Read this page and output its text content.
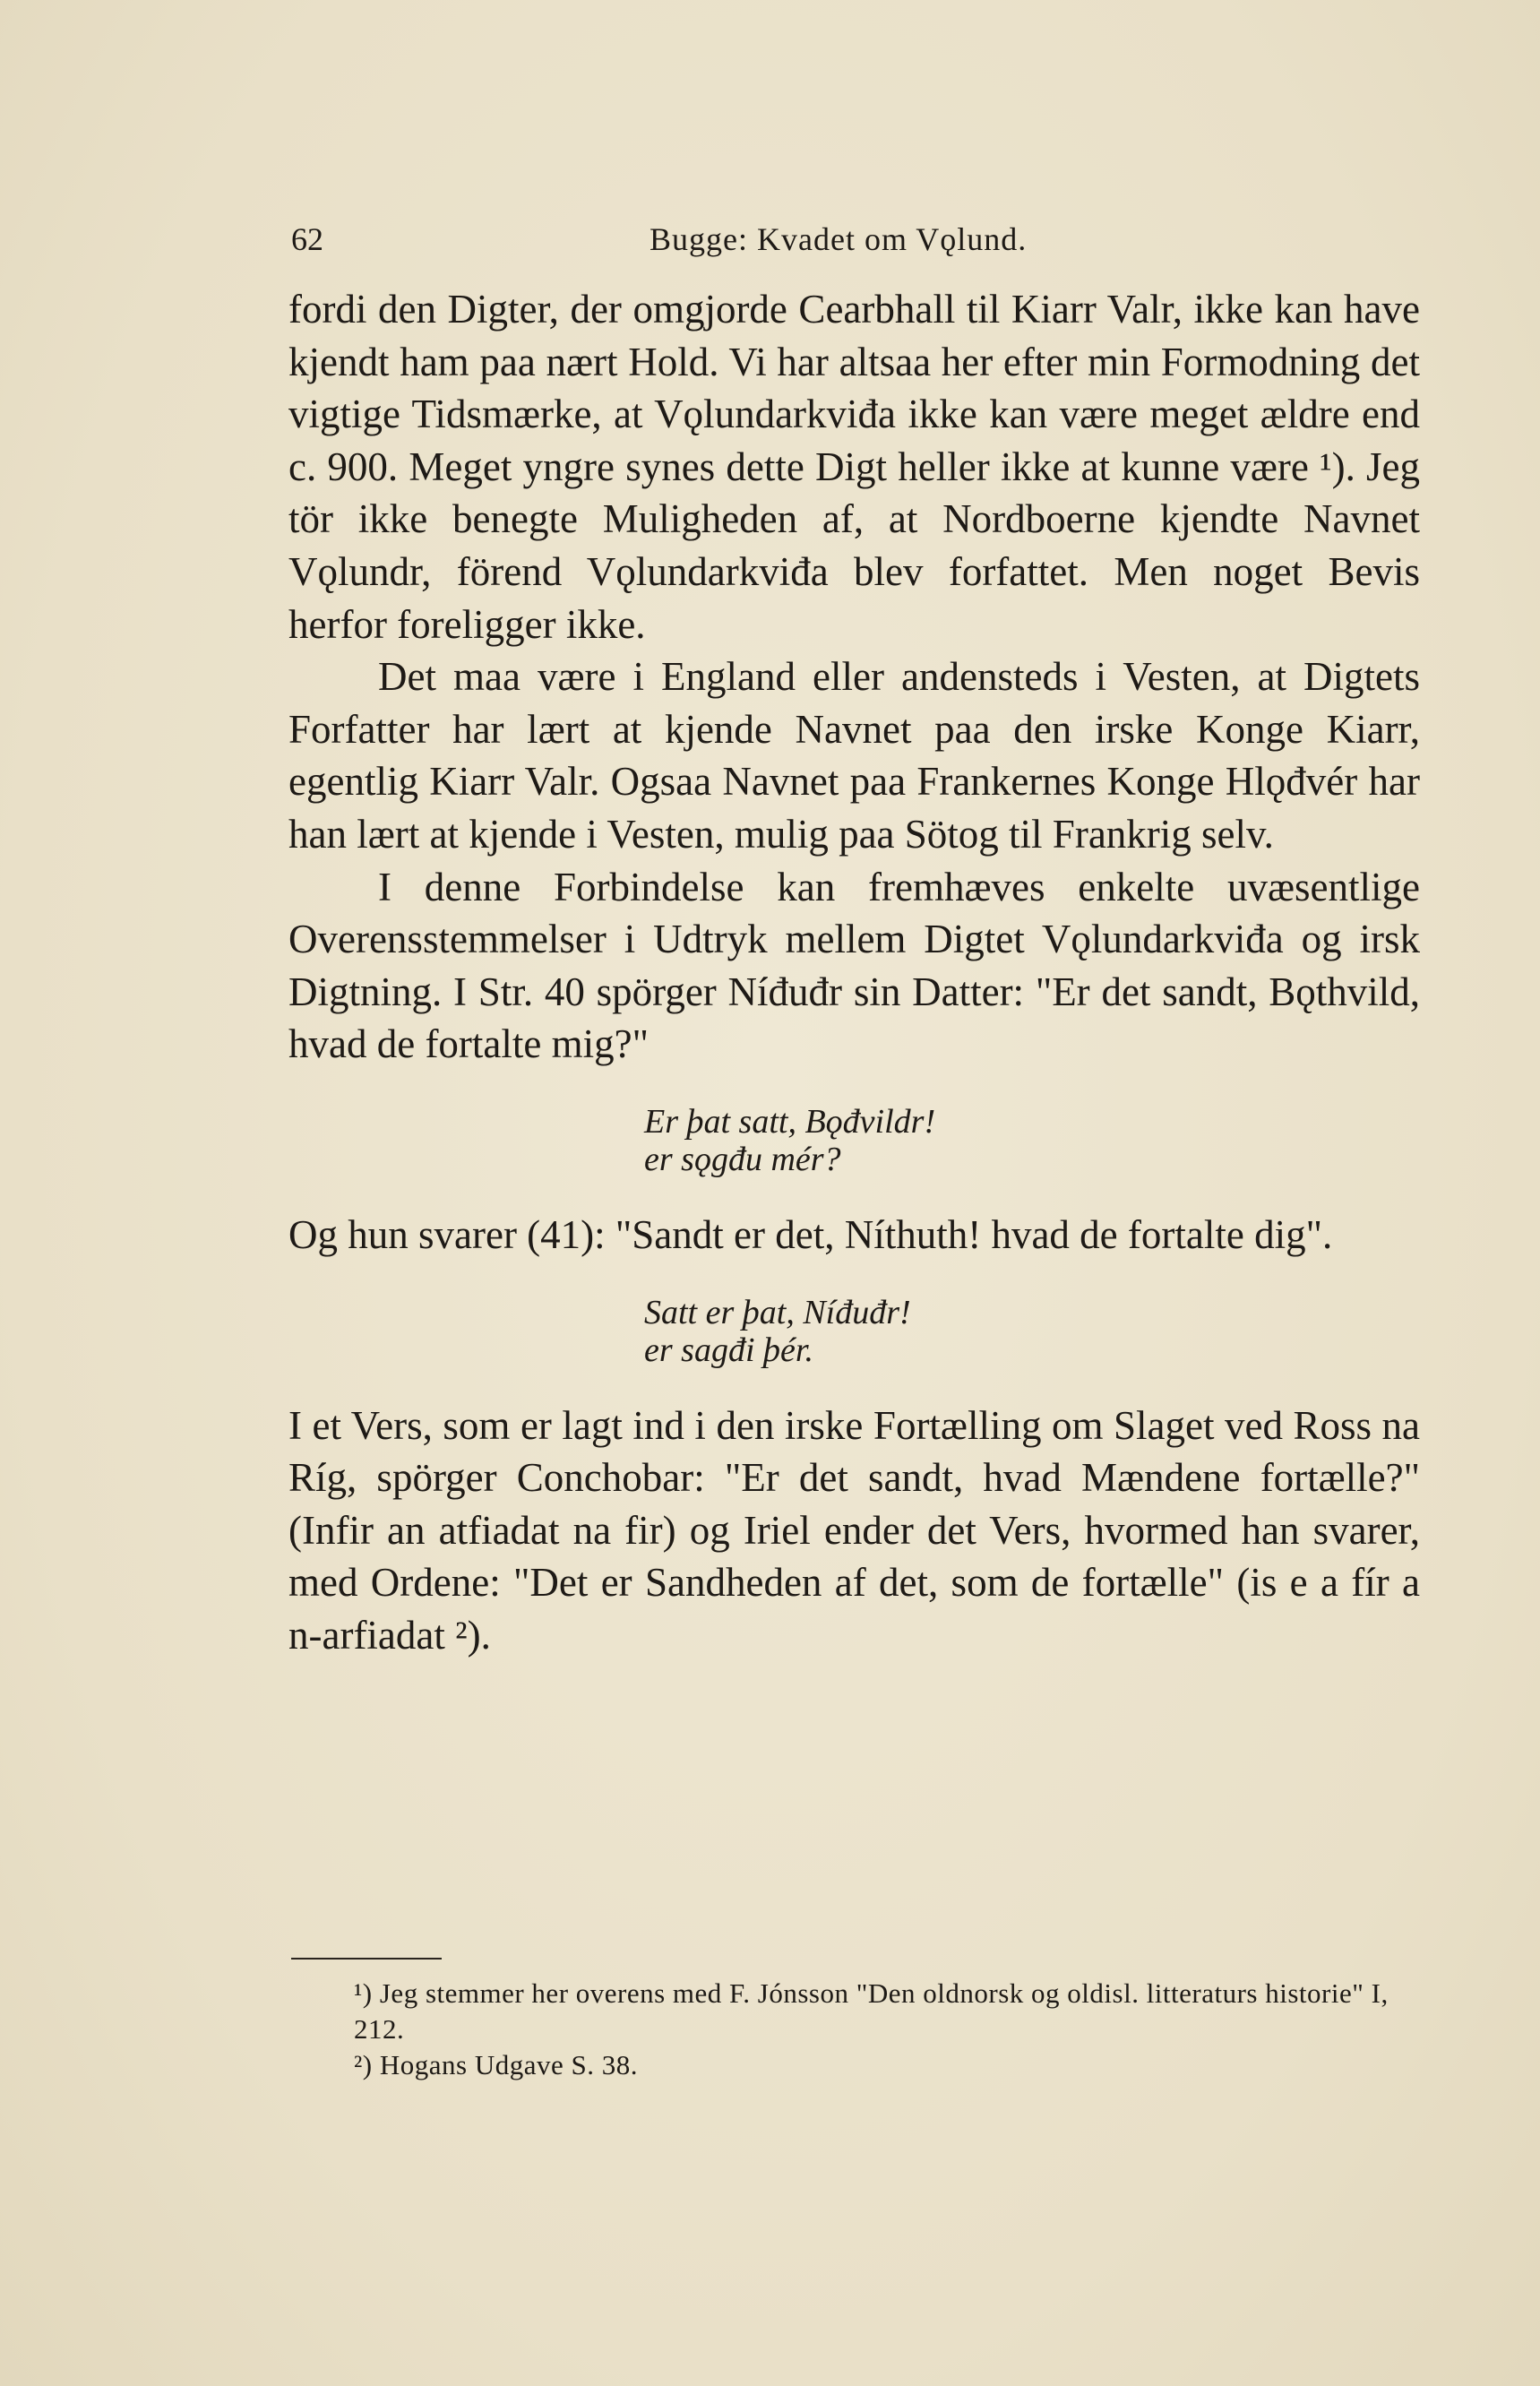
62	Bugge: Kvadet om Vǫlund.

fordi den Digter, der omgjorde Cearbhall til Kiarr Valr, ikke kan have kjendt ham paa nært Hold. Vi har altsaa her efter min Formodning det vigtige Tidsmærke, at Vǫlundarkviđa ikke kan være meget ældre end c. 900. Meget yngre synes dette Digt heller ikke at kunne være ¹). Jeg tör ikke benegte Muligheden af, at Nordboerne kjendte Navnet Vǫlundr, förend Vǫlundarkviđa blev forfattet. Men noget Bevis herfor foreligger ikke.

Det maa være i England eller andensteds i Vesten, at Digtets Forfatter har lært at kjende Navnet paa den irske Konge Kiarr, egentlig Kiarr Valr. Ogsaa Navnet paa Frankernes Konge Hlǫđvér har han lært at kjende i Vesten, mulig paa Sötog til Frankrig selv.

I denne Forbindelse kan fremhæves enkelte uvæsentlige Overensstemmelser i Udtryk mellem Digtet Vǫlundarkviđa og irsk Digtning. I Str. 40 spörger Níđuđr sin Datter: "Er det sandt, Bǫthvild, hvad de fortalte mig?"

Er þat satt, Bǫđvildr!
er sǫgđu mér?

Og hun svarer (41): "Sandt er det, Níthuth! hvad de fortalte dig".

Satt er þat, Níđuđr!
er sagđi þér.

I et Vers, som er lagt ind i den irske Fortælling om Slaget ved Ross na Ríg, spörger Conchobar: "Er det sandt, hvad Mændene fortælle?" (Infir an atfiadat na fir) og Iriel ender det Vers, hvormed han svarer, med Ordene: "Det er Sandheden af det, som de fortælle" (is e a fír a n-arfiadat ²).

¹) Jeg stemmer her overens med F. Jónsson "Den oldnorsk og oldisl. litteraturs historie" I, 212.

²) Hogans Udgave S. 38.
